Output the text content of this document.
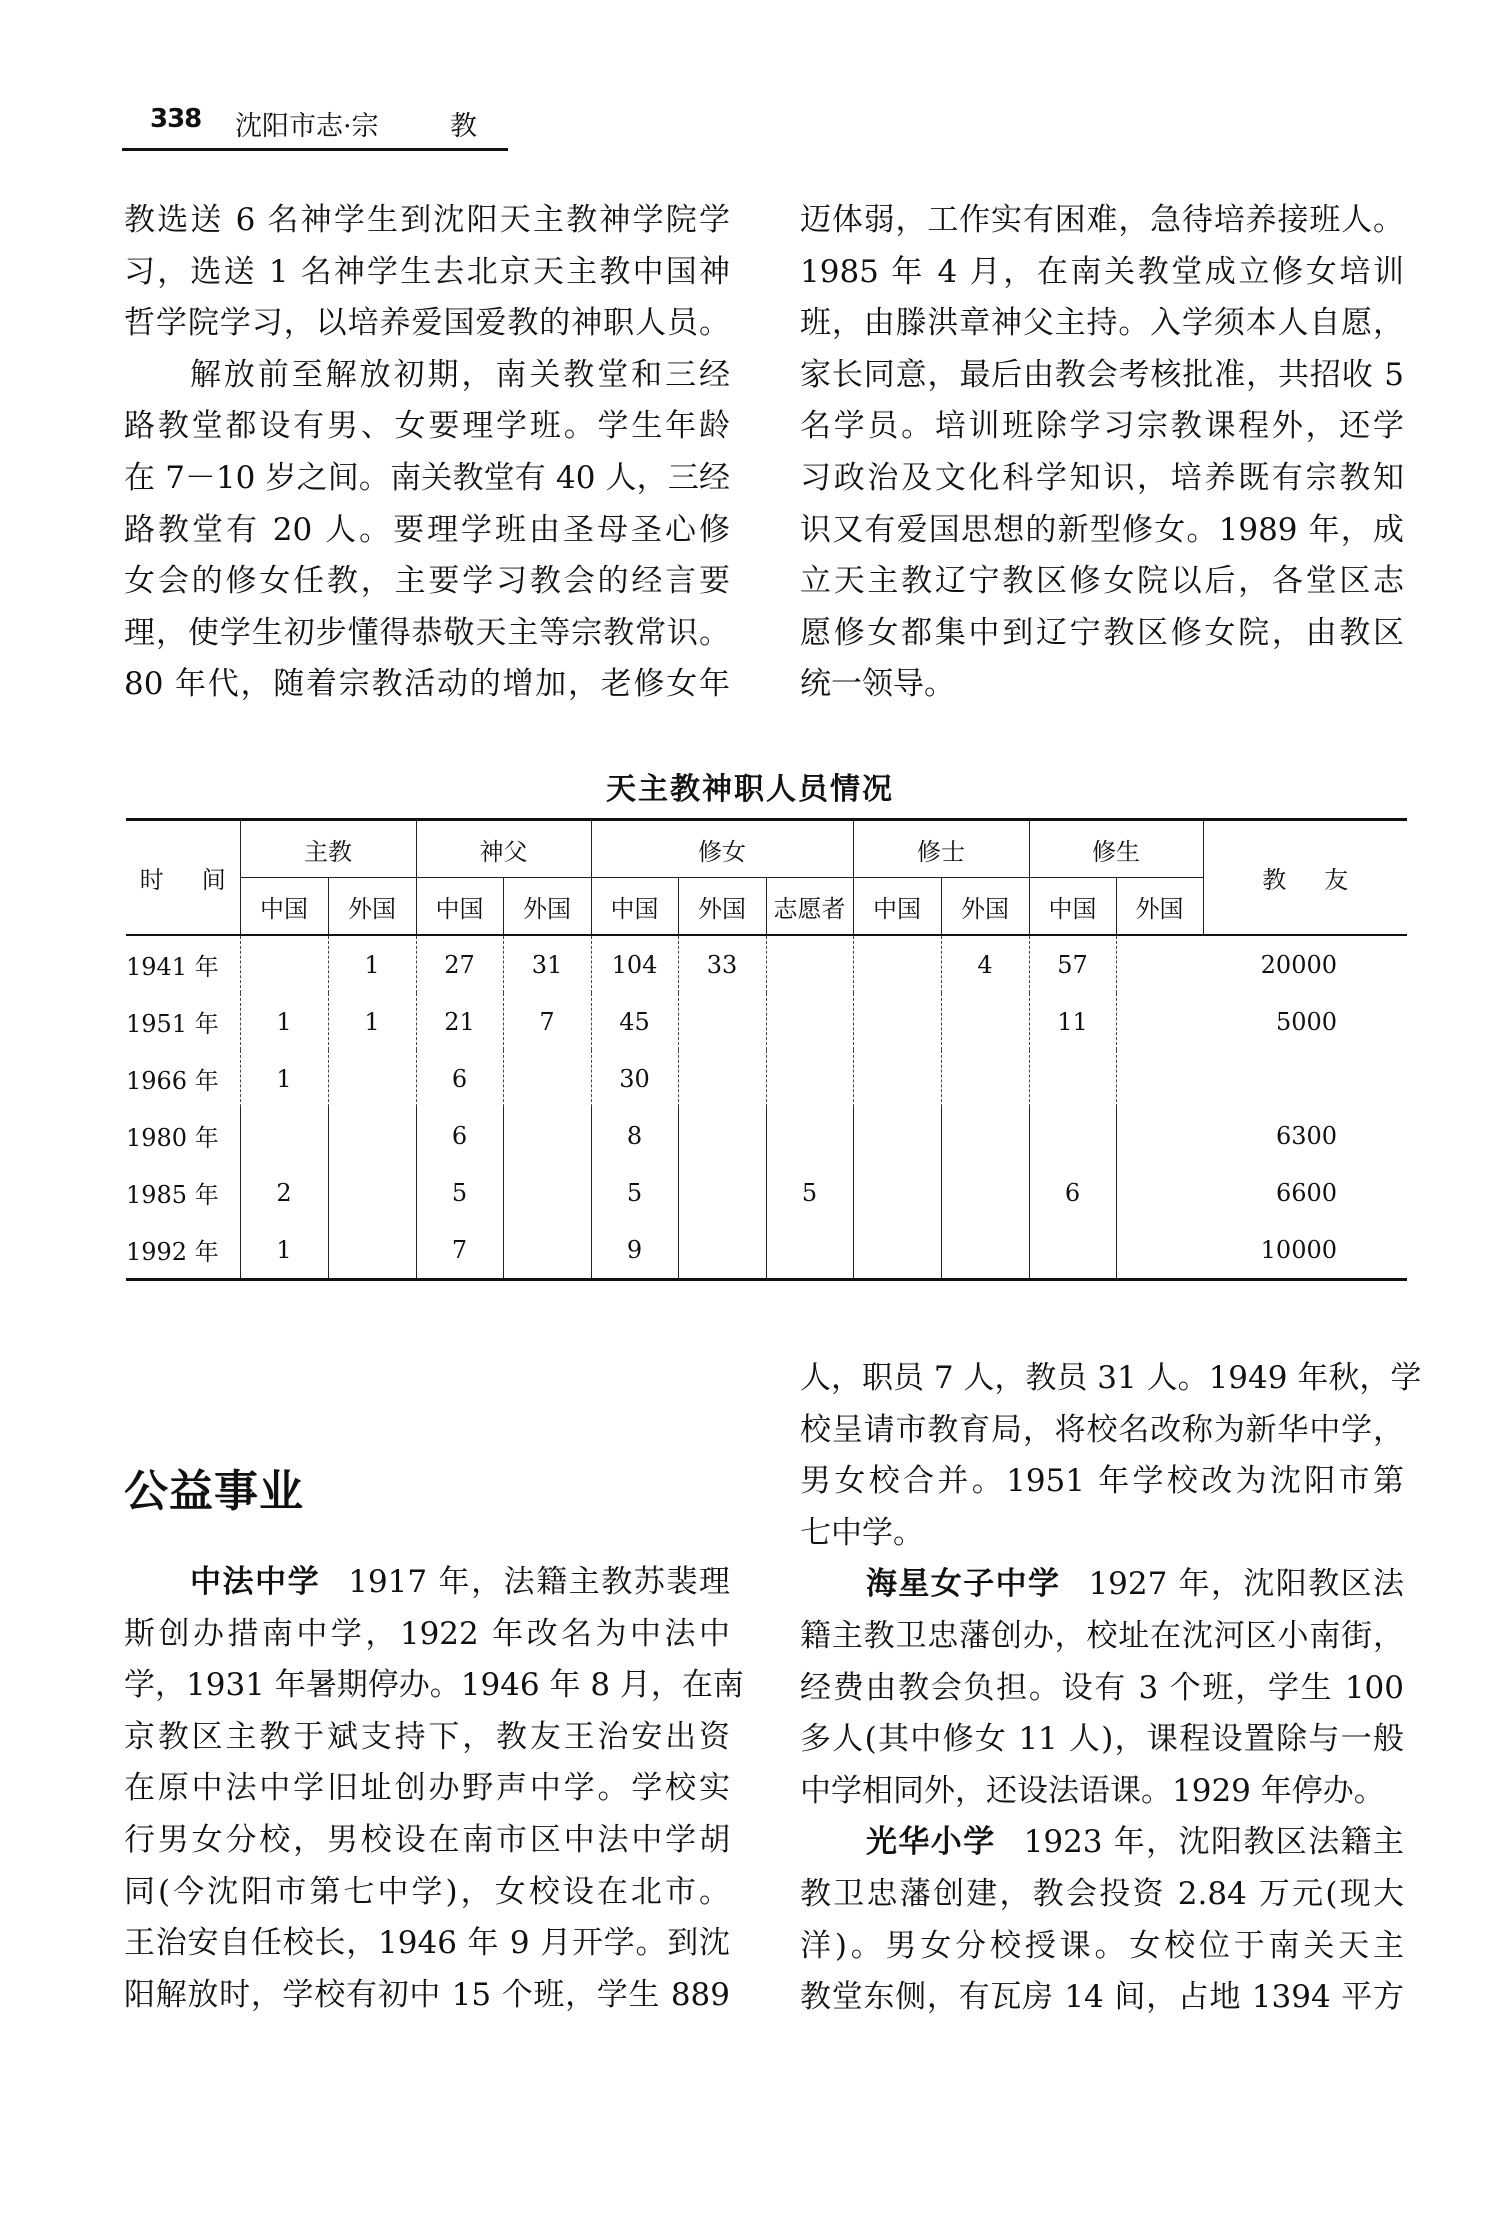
338 沈阳市志·宗	教
教选送 6 名神学生到沈阳天主教神学院学
习，选送 1 名神学生去北京天主教中国神
哲学院学习，以培养爱国爱教的神职人员。
解放前至解放初期，南关教堂和三经
路教堂都设有男、女要理学班。学生年龄
在 7－10 岁之间。南关教堂有 40 人，三经
路教堂有 20 人。要理学班由圣母圣心修
女会的修女任教，主要学习教会的经言要
理，使学生初步懂得恭敬天主等宗教常识。
80 年代，随着宗教活动的增加，老修女年
迈体弱，工作实有困难，急待培养接班人。
1985 年 4 月，在南关教堂成立修女培训
班，由滕洪章神父主持。入学须本人自愿，
家长同意，最后由教会考核批准，共招收 5
名学员。培训班除学习宗教课程外，还学
习政治及文化科学知识，培养既有宗教知
识又有爱国思想的新型修女。1989 年，成
立天主教辽宁教区修女院以后，各堂区志
愿修女都集中到辽宁教区修女院，由教区
统一领导。
天主教神职人员情况
时 间	主教		神父		修女			修士		修生		教 友
	中国	外国	中国	外国	中国	外国	志愿者	中国	外国	中国	外国	
1941 年		1	27	31	104	33			4	57		20000
1951 年	1	1	21	7	45					11		5000
1966 年	1		6		30							
1980 年			6		8							6300
1985 年	2		5		5		5			6		6600
1992 年	1		7		9							10000
公益事业
中法中学 1917 年，法籍主教苏裴理
斯创办措南中学，1922 年改名为中法中
学，1931 年暑期停办。1946 年 8 月，在南
京教区主教于斌支持下，教友王治安出资
在原中法中学旧址创办野声中学。学校实
行男女分校，男校设在南市区中法中学胡
同(今沈阳市第七中学)，女校设在北市。
王治安自任校长，1946 年 9 月开学。到沈
阳解放时，学校有初中 15 个班，学生 889
人，职员 7 人，教员 31 人。1949 年秋，学
校呈请市教育局，将校名改称为新华中学，
男女校合并。1951 年学校改为沈阳市第
七中学。
海星女子中学 1927 年，沈阳教区法
籍主教卫忠藩创办，校址在沈河区小南街，
经费由教会负担。设有 3 个班，学生 100
多人(其中修女 11 人)，课程设置除与一般
中学相同外，还设法语课。1929 年停办。
光华小学 1923 年，沈阳教区法籍主
教卫忠藩创建，教会投资 2.84 万元(现大
洋)。男女分校授课。女校位于南关天主
教堂东侧，有瓦房 14 间，占地 1394 平方
